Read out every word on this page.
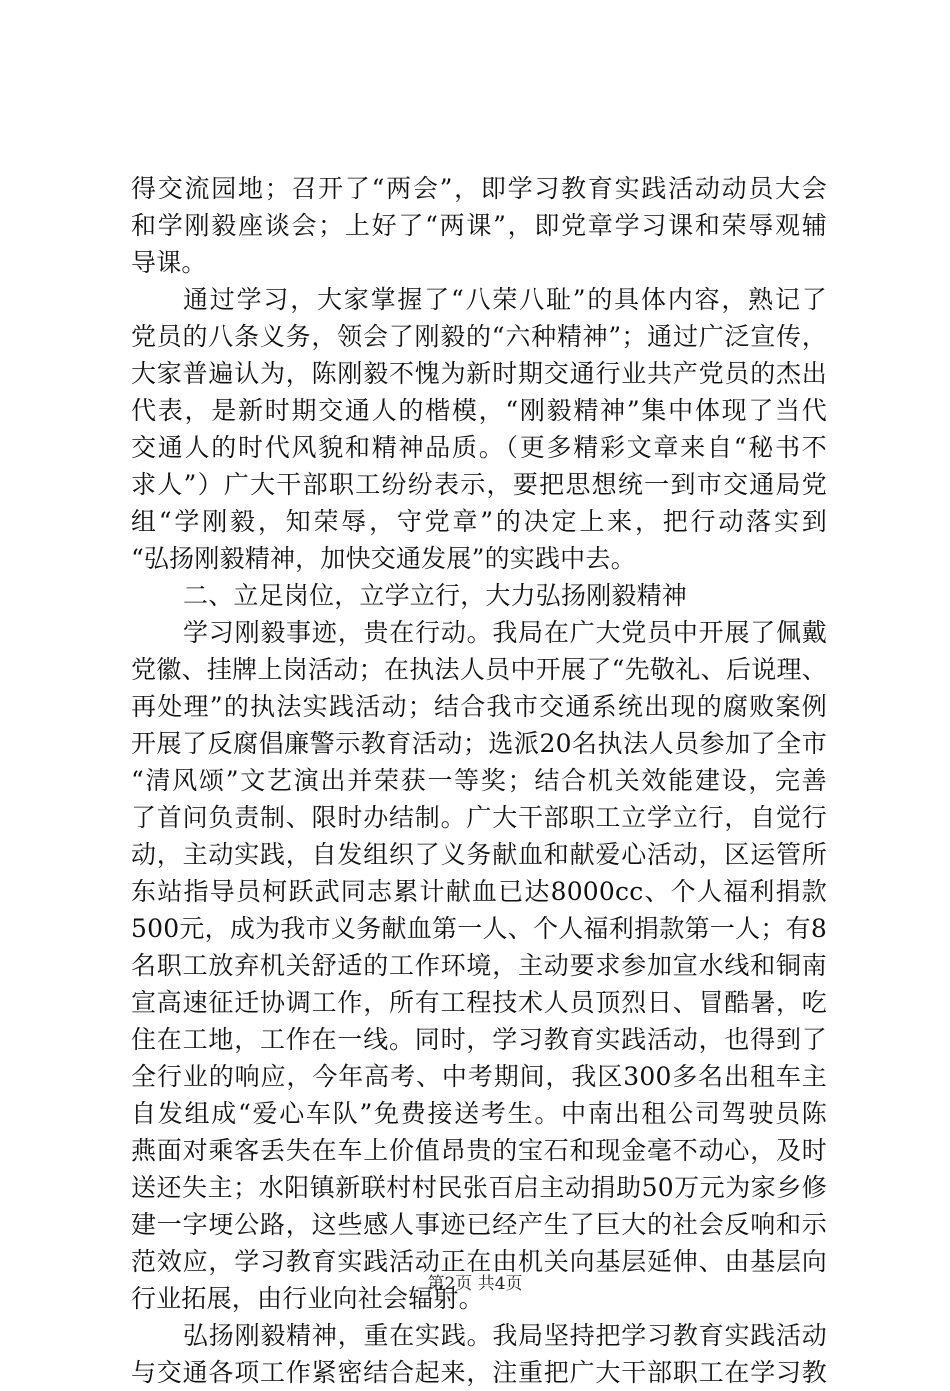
得交流园地；召开了“两会”，即学习教育实践活动动员大会
和学刚毅座谈会；上好了“两课”，即党章学习课和荣辱观辅
导课。
通过学习，大家掌握了“八荣八耻”的具体内容，熟记了
党员的八条义务，领会了刚毅的“六种精神”；通过广泛宣传，
大家普遍认为，陈刚毅不愧为新时期交通行业共产党员的杰出
代表，是新时期交通人的楷模，“刚毅精神”集中体现了当代
交通人的时代风貌和精神品质。（更多精彩文章来自“秘书不
求人”）广大干部职工纷纷表示，要把思想统一到市交通局党
组“学刚毅，知荣辱，守党章”的决定上来，把行动落实到
“弘扬刚毅精神，加快交通发展”的实践中去。
二、立足岗位，立学立行，大力弘扬刚毅精神
学习刚毅事迹，贵在行动。我局在广大党员中开展了佩戴
党徽、挂牌上岗活动；在执法人员中开展了“先敬礼、后说理、
再处理”的执法实践活动；结合我市交通系统出现的腐败案例
开展了反腐倡廉警示教育活动；选派20名执法人员参加了全市
“清风颂”文艺演出并荣获一等奖；结合机关效能建设，完善
了首问负责制、限时办结制。广大干部职工立学立行，自觉行
动，主动实践，自发组织了义务献血和献爱心活动，区运管所
东站指导员柯跃武同志累计献血已达8000cc、个人福利捐款
500元，成为我市义务献血第一人、个人福利捐款第一人；有8
名职工放弃机关舒适的工作环境，主动要求参加宣水线和铜南
宣高速征迁协调工作，所有工程技术人员顶烈日、冒酷暑，吃
住在工地，工作在一线。同时，学习教育实践活动，也得到了
全行业的响应，今年高考、中考期间，我区300多名出租车主
自发组成“爱心车队”免费接送考生。中南出租公司驾驶员陈
燕面对乘客丢失在车上价值昂贵的宝石和现金毫不动心，及时
送还失主；水阳镇新联村村民张百启主动捐助50万元为家乡修
建一字埂公路，这些感人事迹已经产生了巨大的社会反响和示
范效应，学习教育实践活动正在由机关向基层延伸、由基层向
行业拓展，由行业向社会辐射。
弘扬刚毅精神，重在实践。我局坚持把学习教育实践活动
与交通各项工作紧密结合起来，注重把广大干部职工在学习教
第2页 共4页
